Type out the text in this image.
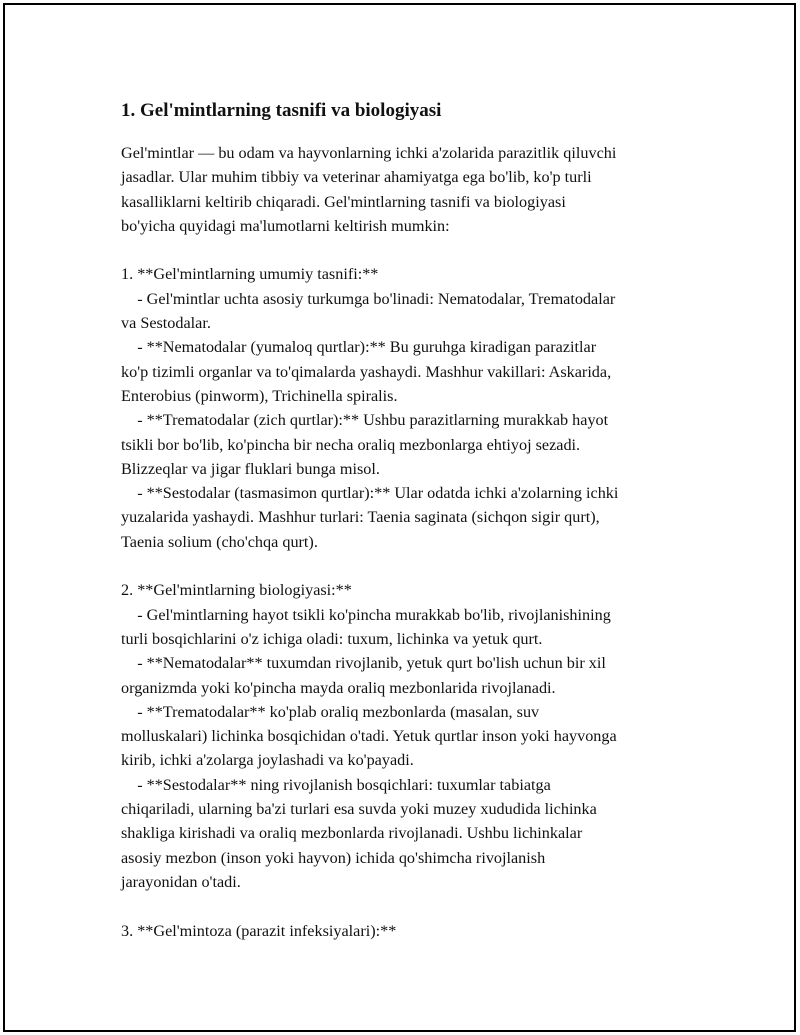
1. Gel'mintlarning tasnifi va biologiyasi
Gel'mintlar — bu odam va hayvonlarning ichki a'zolarida parazitlik qiluvchi
jasadlar. Ular muhim tibbiy va veterinar ahamiyatga ega bo'lib, ko'p turli
kasalliklarni keltirib chiqaradi. Gel'mintlarning tasnifi va biologiyasi
bo'yicha quyidagi ma'lumotlarni keltirish mumkin:
1. **Gel'mintlarning umumiy tasnifi:**
- Gel'mintlar uchta asosiy turkumga bo'linadi: Nematodalar, Trematodalar
va Sestodalar.
- **Nematodalar (yumaloq qurtlar):** Bu guruhga kiradigan parazitlar
ko'p tizimli organlar va to'qimalarda yashaydi. Mashhur vakillari: Askarida,
Enterobius (pinworm), Trichinella spiralis.
- **Trematodalar (zich qurtlar):** Ushbu parazitlarning murakkab hayot
tsikli bor bo'lib, ko'pincha bir necha oraliq mezbonlarga ehtiyoj sezadi.
Blizzeqlar va jigar fluklari bunga misol.
- **Sestodalar (tasmasimon qurtlar):** Ular odatda ichki a'zolarning ichki
yuzalarida yashaydi. Mashhur turlari: Taenia saginata (sichqon sigir qurt),
Taenia solium (cho'chqa qurt).
2. **Gel'mintlarning biologiyasi:**
- Gel'mintlarning hayot tsikli ko'pincha murakkab bo'lib, rivojlanishining
turli bosqichlarini o'z ichiga oladi: tuxum, lichinka va yetuk qurt.
- **Nematodalar** tuxumdan rivojlanib, yetuk qurt bo'lish uchun bir xil
organizmda yoki ko'pincha mayda oraliq mezbonlarida rivojlanadi.
- **Trematodalar** ko'plab oraliq mezbonlarda (masalan, suv
molluskalari) lichinka bosqichidan o'tadi. Yetuk qurtlar inson yoki hayvonga
kirib, ichki a'zolarga joylashadi va ko'payadi.
- **Sestodalar** ning rivojlanish bosqichlari: tuxumlar tabiatga
chiqariladi, ularning ba'zi turlari esa suvda yoki muzey xududida lichinka
shakliga kirishadi va oraliq mezbonlarda rivojlanadi. Ushbu lichinkalar
asosiy mezbon (inson yoki hayvon) ichida qo'shimcha rivojlanish
jarayonidan o'tadi.
3. **Gel'mintoza (parazit infeksiyalari):**
